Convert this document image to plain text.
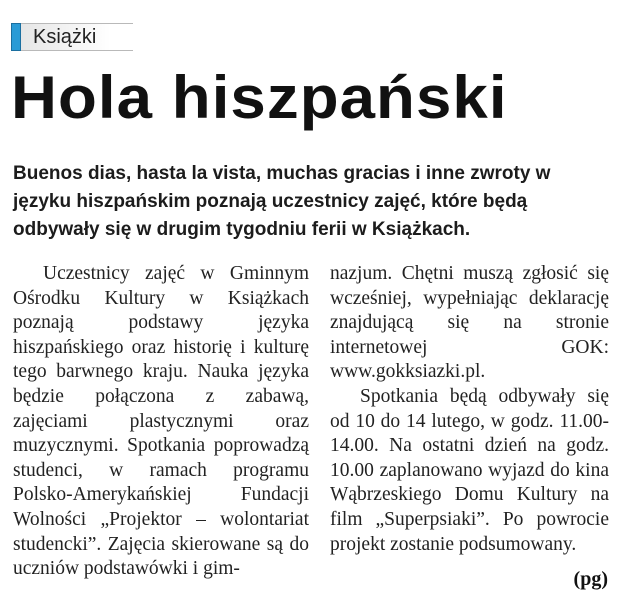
Książki
Hola hiszpański

Buenos dias, hasta la vista, muchas gracias i inne zwroty w języku hiszpańskim poznają uczestnicy zajęć, które będą odbywały się w drugim tygodniu ferii w Książkach.

Uczestnicy zajęć w Gminnym Ośrodku Kultury w Książkach poznają podstawy języka hiszpańskiego oraz historię i kulturę tego barwnego kraju. Nauka języka będzie połączona z zabawą, zajęciami plastycznymi oraz muzycznymi. Spotkania poprowadzą studenci, w ramach programu Polsko-Amerykańskiej Fundacji Wolności „Projektor – wolontariat studencki”. Zajęcia skierowane są do uczniów podstawówki i gim-

nazjum. Chętni muszą zgłosić się wcześniej, wypełniając deklarację znajdującą się na stronie internetowej GOK: www.gokksiazki.pl.

Spotkania będą odbywały się od 10 do 14 lutego, w godz. 11.00-14.00. Na ostatni dzień na godz. 10.00 zaplanowano wyjazd do kina Wąbrzeskiego Domu Kultury na film „Superpsiaki”. Po powrocie projekt zostanie podsumowany.

(pg)
